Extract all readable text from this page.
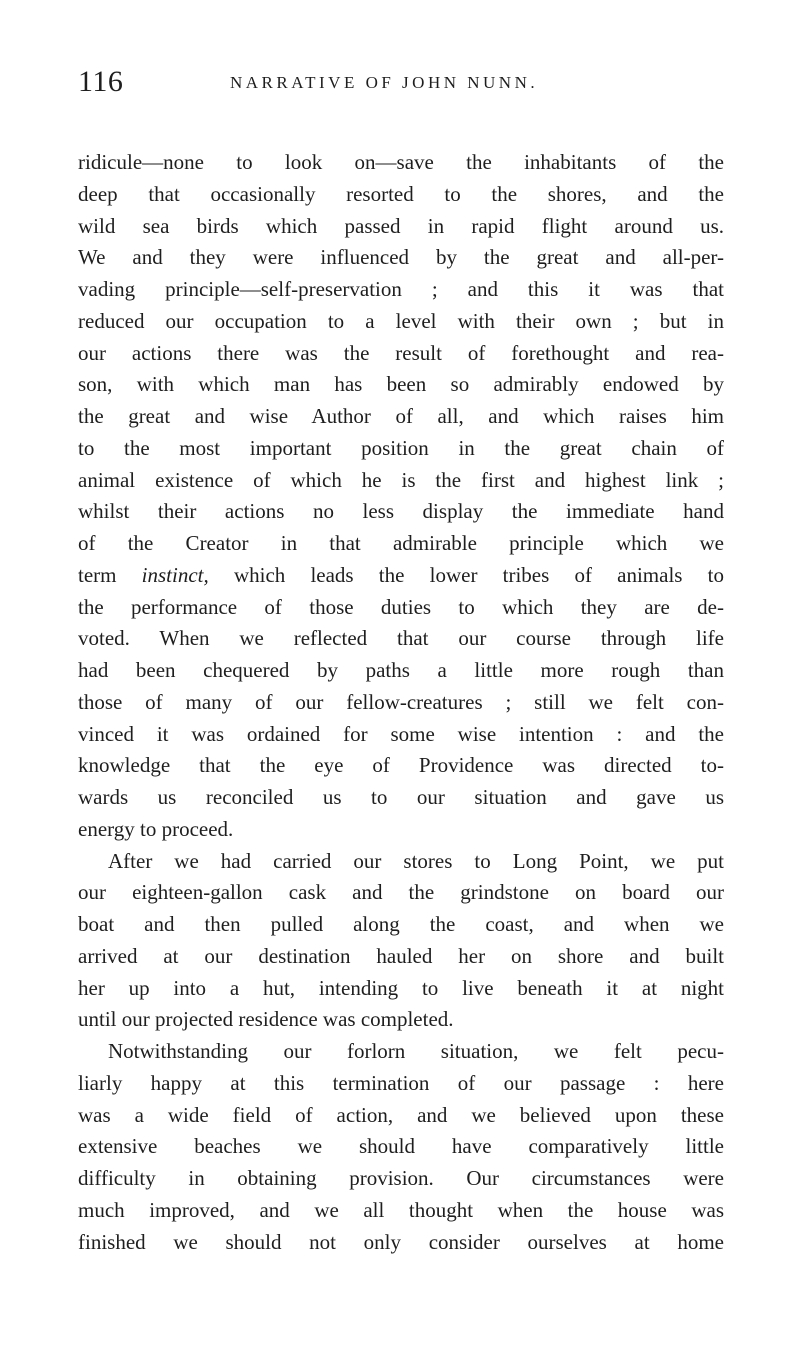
116	NARRATIVE OF JOHN NUNN.
ridicule—none to look on—save the inhabitants of the
deep that occasionally resorted to the shores, and the
wild sea birds which passed in rapid flight around us.
We and they were influenced by the great and all-per-
vading principle—self-preservation ; and this it was that
reduced our occupation to a level with their own ; but in
our actions there was the result of forethought and rea-
son, with which man has been so admirably endowed by
the great and wise Author of all, and which raises him
to the most important position in the great chain of
animal existence of which he is the first and highest link ;
whilst their actions no less display the immediate hand
of the Creator in that admirable principle which we
term instinct, which leads the lower tribes of animals to
the performance of those duties to which they are de-
voted. When we reflected that our course through life
had been chequered by paths a little more rough than
those of many of our fellow-creatures ; still we felt con-
vinced it was ordained for some wise intention : and the
knowledge that the eye of Providence was directed to-
wards us reconciled us to our situation and gave us
energy to proceed.
After we had carried our stores to Long Point, we put
our eighteen-gallon cask and the grindstone on board our
boat and then pulled along the coast, and when we
arrived at our destination hauled her on shore and built
her up into a hut, intending to live beneath it at night
until our projected residence was completed.
Notwithstanding our forlorn situation, we felt pecu-
liarly happy at this termination of our passage : here
was a wide field of action, and we believed upon these
extensive beaches we should have comparatively little
difficulty in obtaining provision. Our circumstances were
much improved, and we all thought when the house was
finished we should not only consider ourselves at home
